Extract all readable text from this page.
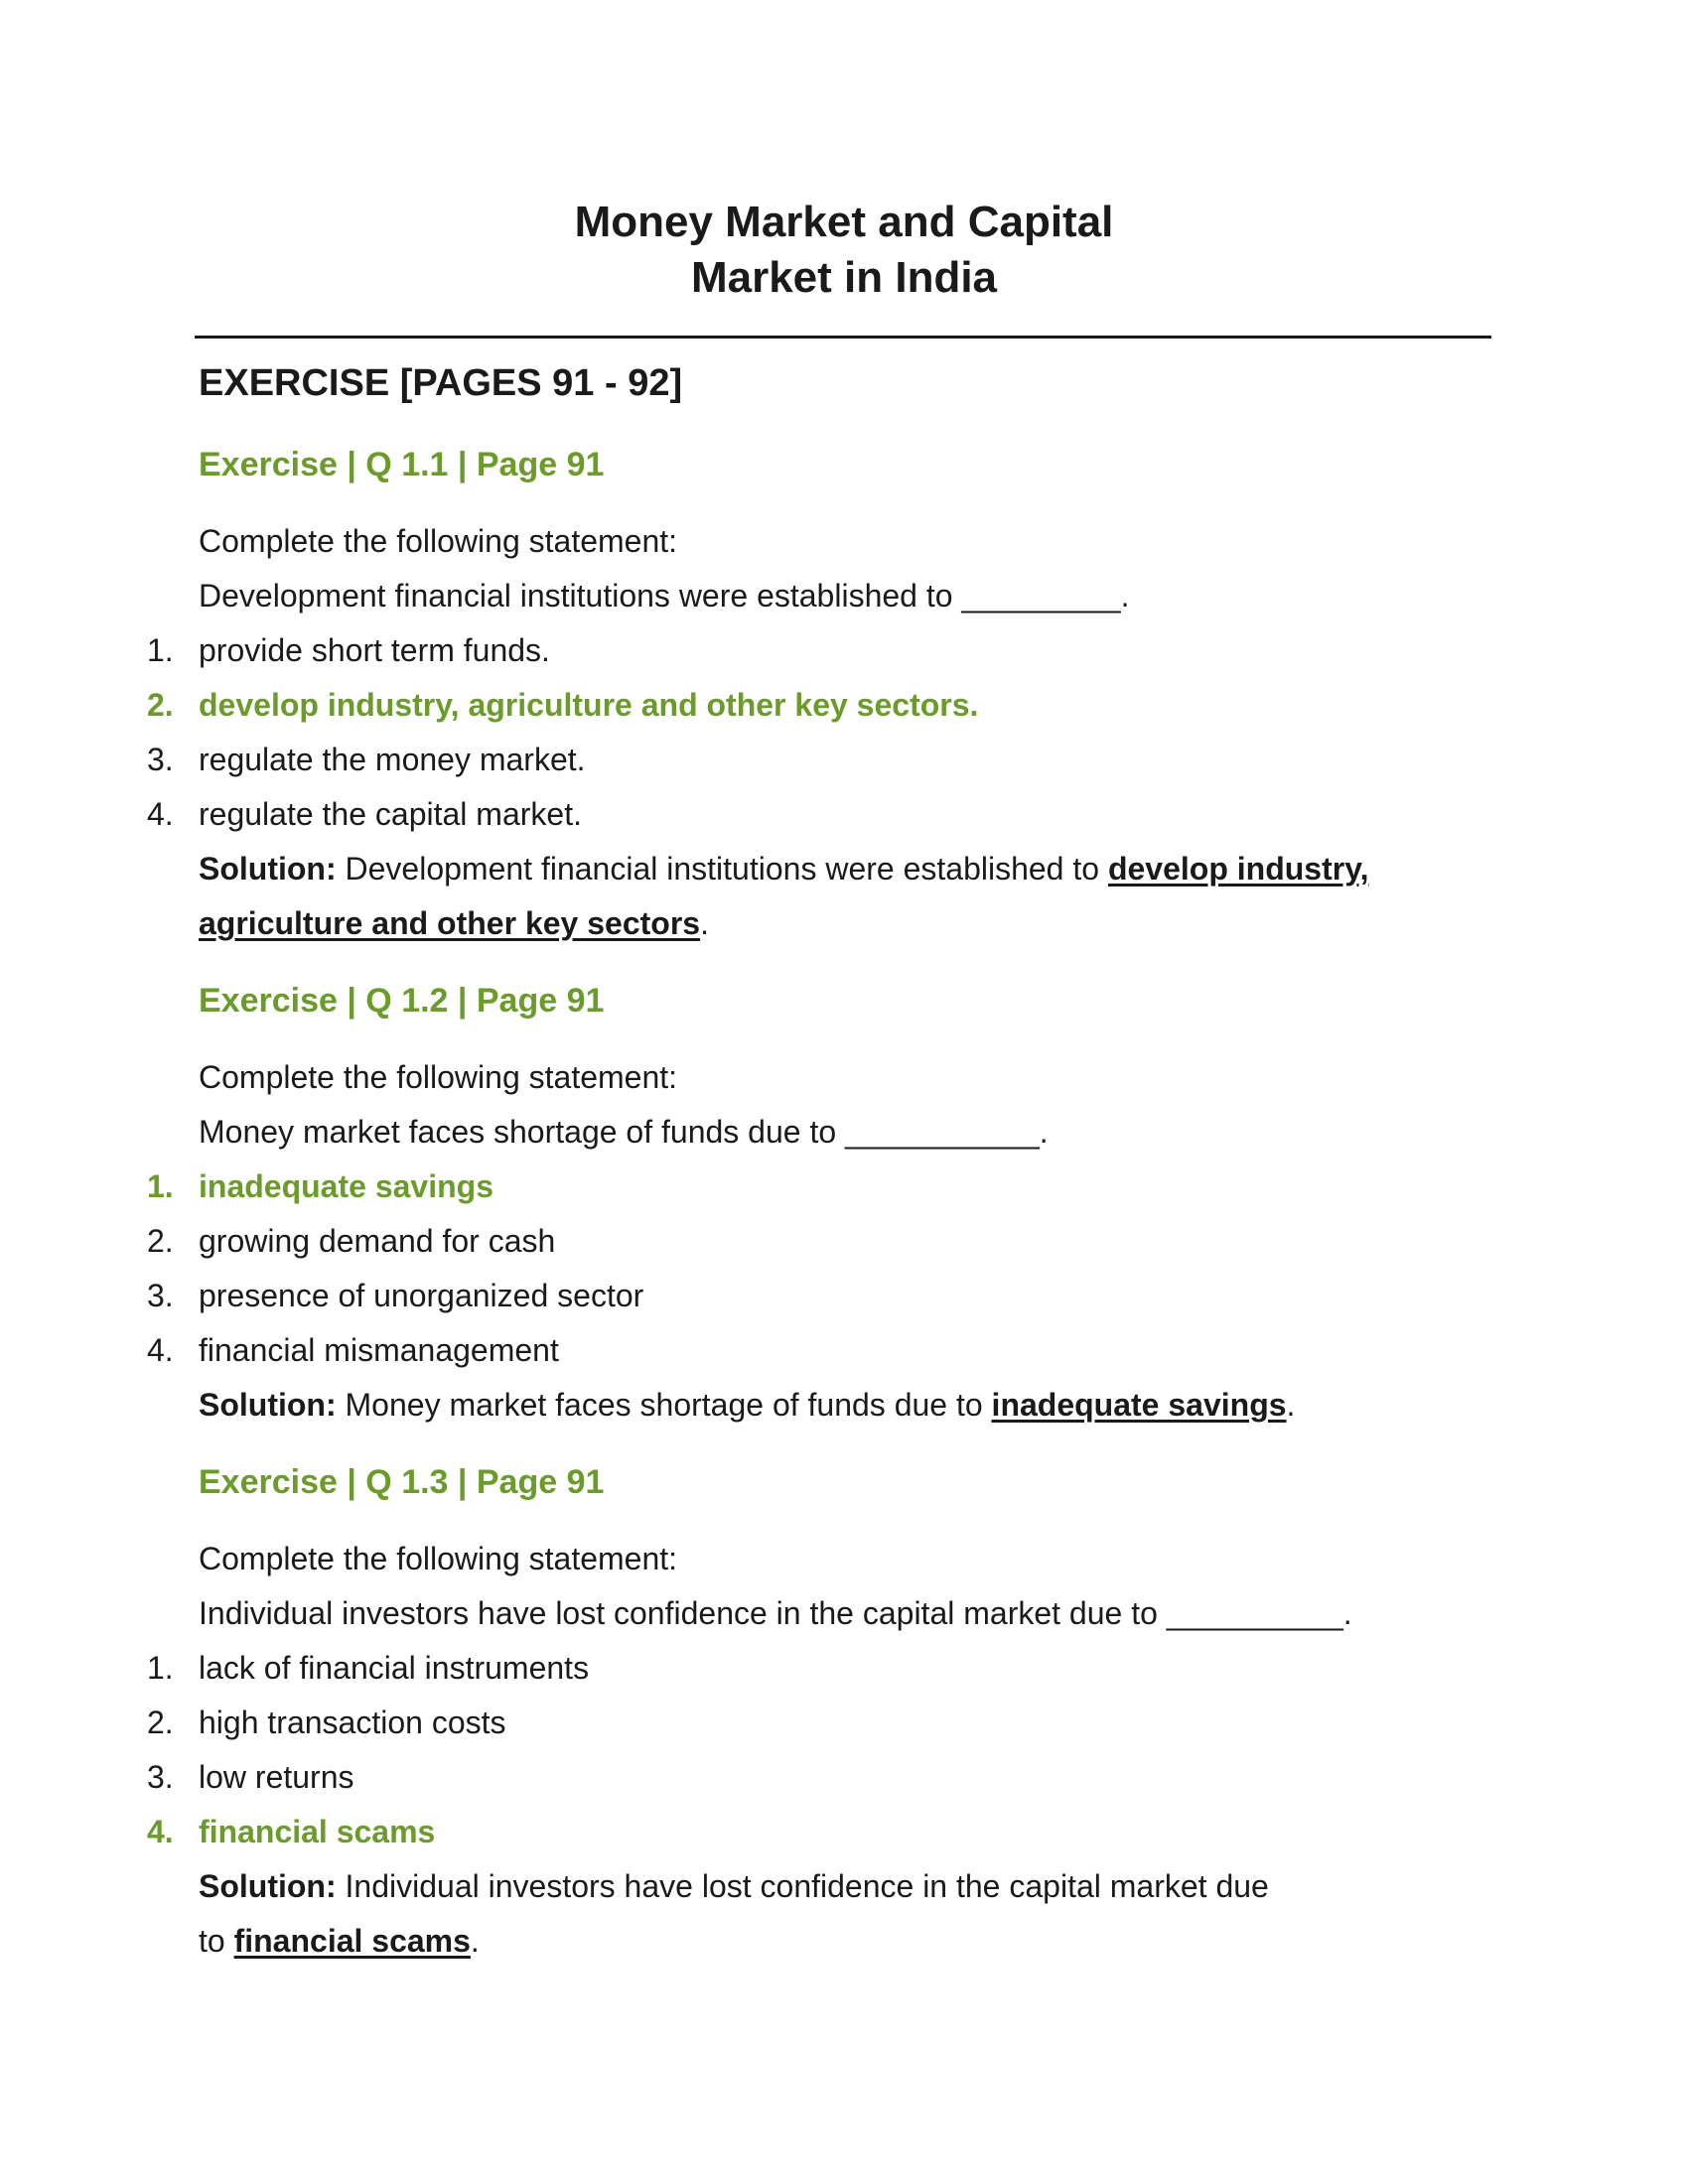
Money Market and Capital
Market in India
EXERCISE [PAGES 91 - 92]
Exercise | Q 1.1 | Page 91
Complete the following statement:
Development financial institutions were established to _________.
1. provide short term funds.
2. develop industry, agriculture and other key sectors.
3. regulate the money market.
4. regulate the capital market.
Solution: Development financial institutions were established to develop industry,
agriculture and other key sectors.
Exercise | Q 1.2 | Page 91
Complete the following statement:
Money market faces shortage of funds due to ___________.
1. inadequate savings
2. growing demand for cash
3. presence of unorganized sector
4. financial mismanagement
Solution: Money market faces shortage of funds due to inadequate savings.
Exercise | Q 1.3 | Page 91
Complete the following statement:
Individual investors have lost confidence in the capital market due to __________.
1. lack of financial instruments
2. high transaction costs
3. low returns
4. financial scams
Solution: Individual investors have lost confidence in the capital market due
to financial scams.
